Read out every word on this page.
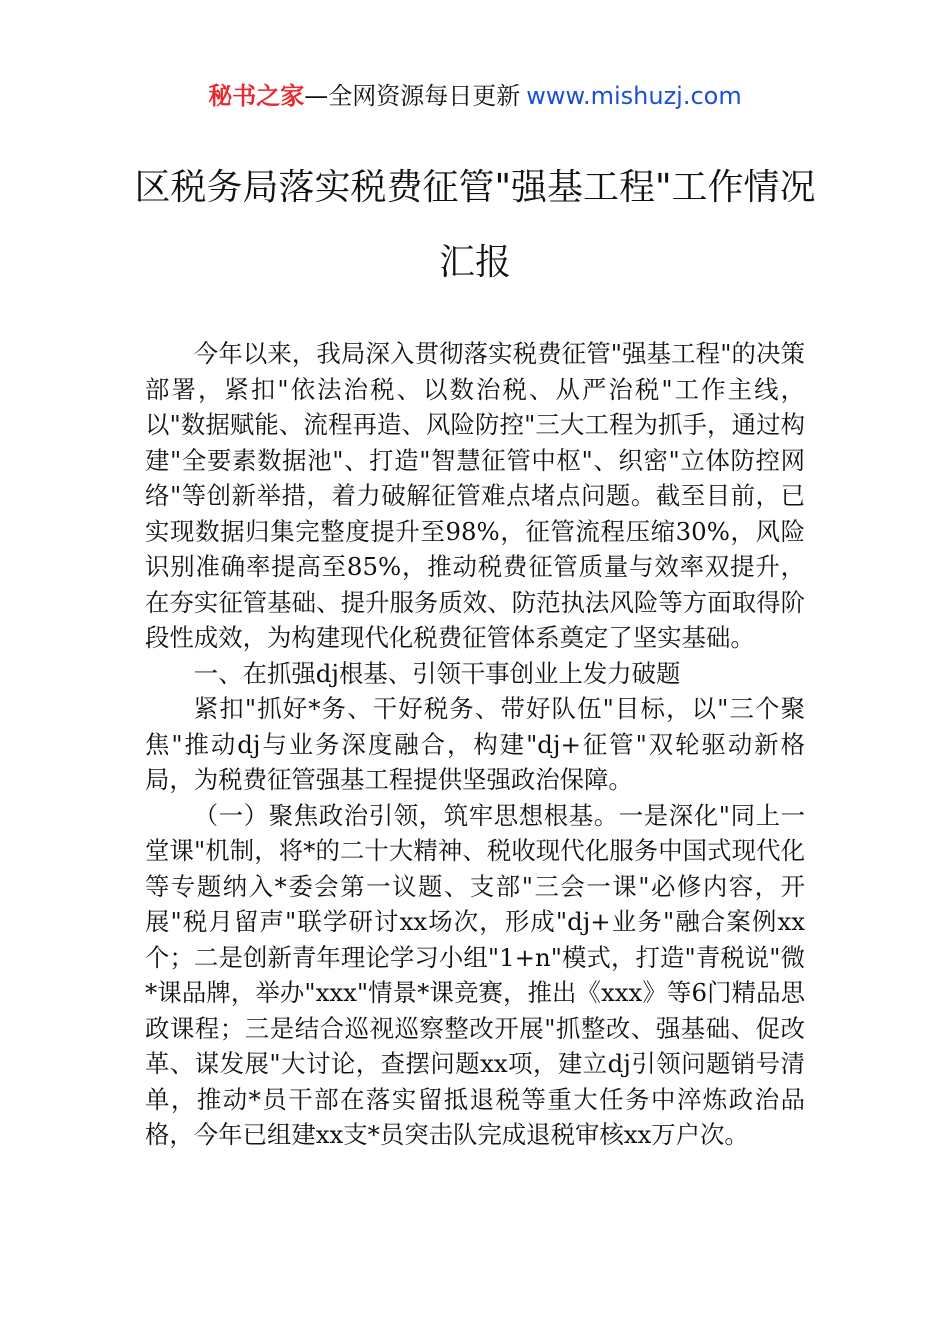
秘书之家—全网资源每日更新 www.mishuzj.com
区税务局落实税费征管"强基工程"工作情况汇报

今年以来，我局深入贯彻落实税费征管"强基工程"的决策部署，紧扣"依法治税、以数治税、从严治税"工作主线，以"数据赋能、流程再造、风险防控"三大工程为抓手，通过构建"全要素数据池"、打造"智慧征管中枢"、织密"立体防控网络"等创新举措，着力破解征管难点堵点问题。截至目前，已实现数据归集完整度提升至98%，征管流程压缩30%，风险识别准确率提高至85%，推动税费征管质量与效率双提升，在夯实征管基础、提升服务质效、防范执法风险等方面取得阶段性成效，为构建现代化税费征管体系奠定了坚实基础。

一、在抓强dj根基、引领干事创业上发力破题

紧扣"抓好*务、干好税务、带好队伍"目标，以"三个聚焦"推动dj与业务深度融合，构建"dj+征管"双轮驱动新格局，为税费征管强基工程提供坚强政治保障。

（一）聚焦政治引领，筑牢思想根基。一是深化"同上一堂课"机制，将*的二十大精神、税收现代化服务中国式现代化等专题纳入*委会第一议题、支部"三会一课"必修内容，开展"税月留声"联学研讨xx场次，形成"dj+业务"融合案例xx个；二是创新青年理论学习小组"1+n"模式，打造"青税说"微*课品牌，举办"xxx"情景*课竞赛，推出《xxx》等6门精品思政课程；三是结合巡视巡察整改开展"抓整改、强基础、促改革、谋发展"大讨论，查摆问题xx项，建立dj引领问题销号清单，推动*员干部在落实留抵退税等重大任务中淬炼政治品格，今年已组建xx支*员突击队完成退税审核xx万户次。
